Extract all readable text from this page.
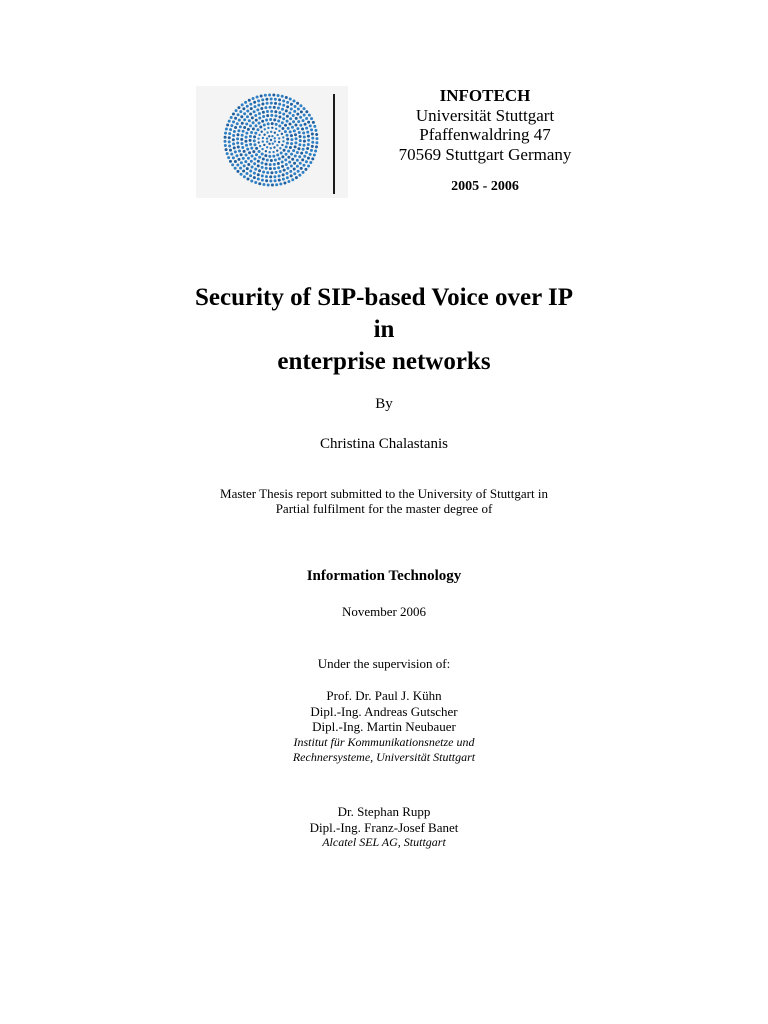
INFOTECH
Universität Stuttgart
Pfaffenwaldring 47
70569 Stuttgart Germany
2005 - 2006
Security of SIP-based Voice over IP
in
enterprise networks
By
Christina Chalastanis
Master Thesis report submitted to the University of Stuttgart in
Partial fulfilment for the master degree of
Information Technology
November 2006
Under the supervision of:
Prof. Dr. Paul J. Kühn
Dipl.-Ing. Andreas Gutscher
Dipl.-Ing. Martin Neubauer
Institut für Kommunikationsnetze und
Rechnersysteme, Universität Stuttgart
Dr. Stephan Rupp
Dipl.-Ing. Franz-Josef Banet
Alcatel SEL AG, Stuttgart
